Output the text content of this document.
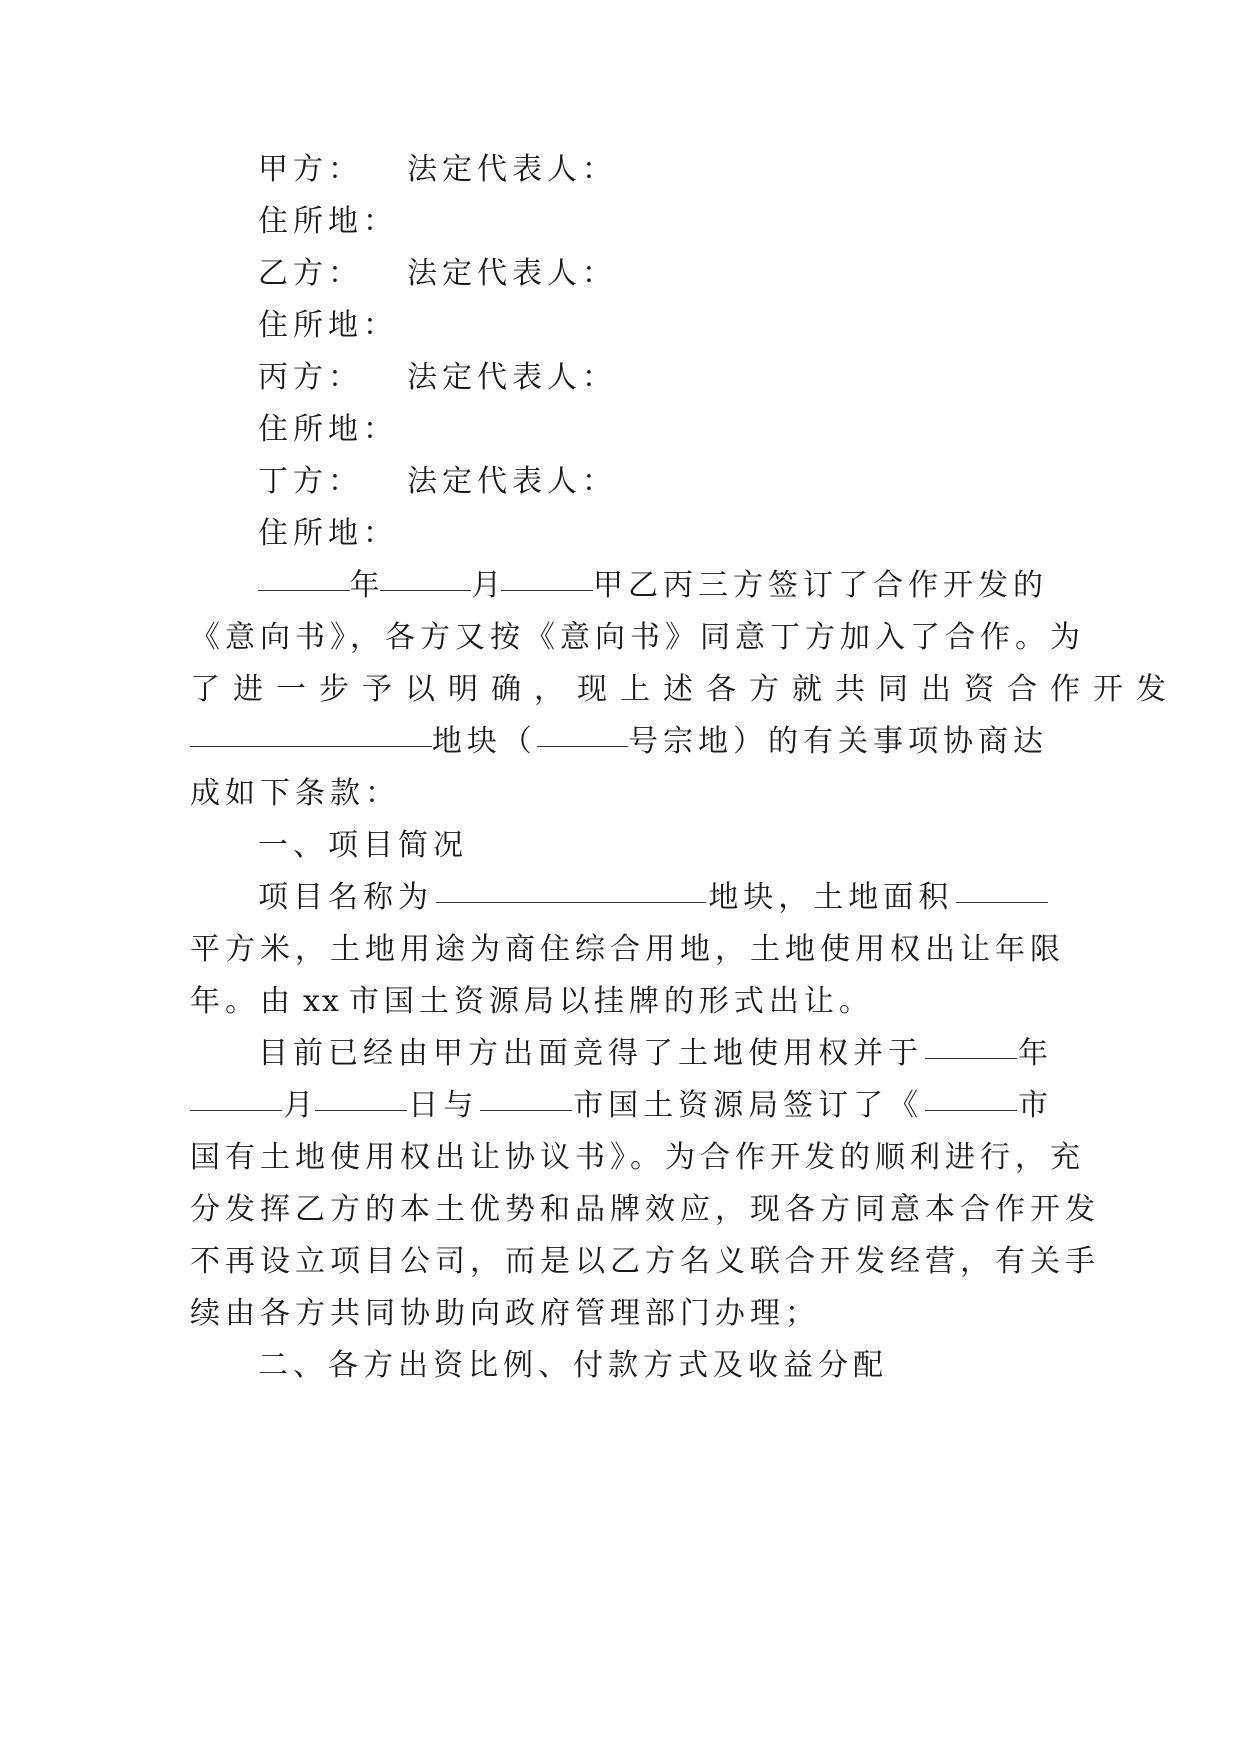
甲方： 法定代表人：
住所地：
乙方： 法定代表人：
住所地：
丙方： 法定代表人：
住所地：
丁方： 法定代表人：
住所地：
年	月	甲乙丙三方签订了合作开发的
《意向书》，各方又按《意向书》同意丁方加入了合作。为
了进一步予以明确，现上述各方就共同出资合作开发
地块（	号宗地）的有关事项协商达
成如下条款：
一、项目简况
项目名称为	地块，土地面积
平方米，土地用途为商住综合用地，土地使用权出让年限
年。由 xx 市国土资源局以挂牌的形式出让。
目前已经由甲方出面竞得了土地使用权并于	年
月	日与	市国土资源局签订了《	市
国有土地使用权出让协议书》。为合作开发的顺利进行，充
分发挥乙方的本土优势和品牌效应，现各方同意本合作开发
不再设立项目公司，而是以乙方名义联合开发经营，有关手
续由各方共同协助向政府管理部门办理；
二、各方出资比例、付款方式及收益分配
